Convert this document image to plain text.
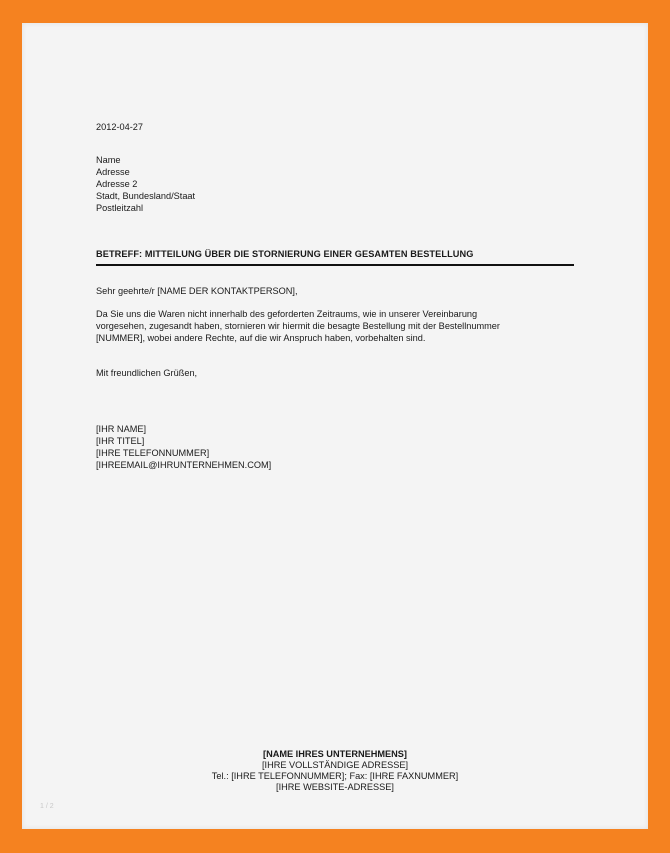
2012-04-27
Name
Adresse
Adresse 2
Stadt, Bundesland/Staat
Postleitzahl
BETREFF: MITTEILUNG ÜBER DIE STORNIERUNG EINER GESAMTEN BESTELLUNG
Sehr geehrte/r [NAME DER KONTAKTPERSON],
Da Sie uns die Waren nicht innerhalb des geforderten Zeitraums, wie in unserer Vereinbarung
vorgesehen, zugesandt haben, stornieren wir hiermit die besagte Bestellung mit der Bestellnummer
[NUMMER], wobei andere Rechte, auf die wir Anspruch haben, vorbehalten sind.
Mit freundlichen Grüßen,
[IHR NAME]
[IHR TITEL]
[IHRE TELEFONNUMMER]
[IHREEMAIL@IHRUNTERNEHMEN.COM]
[NAME IHRES UNTERNEHMENS]
[IHRE VOLLSTÄNDIGE ADRESSE]
Tel.: [IHRE TELEFONNUMMER]; Fax: [IHRE FAXNUMMER]
[IHRE WEBSITE-ADRESSE]
1 / 2
